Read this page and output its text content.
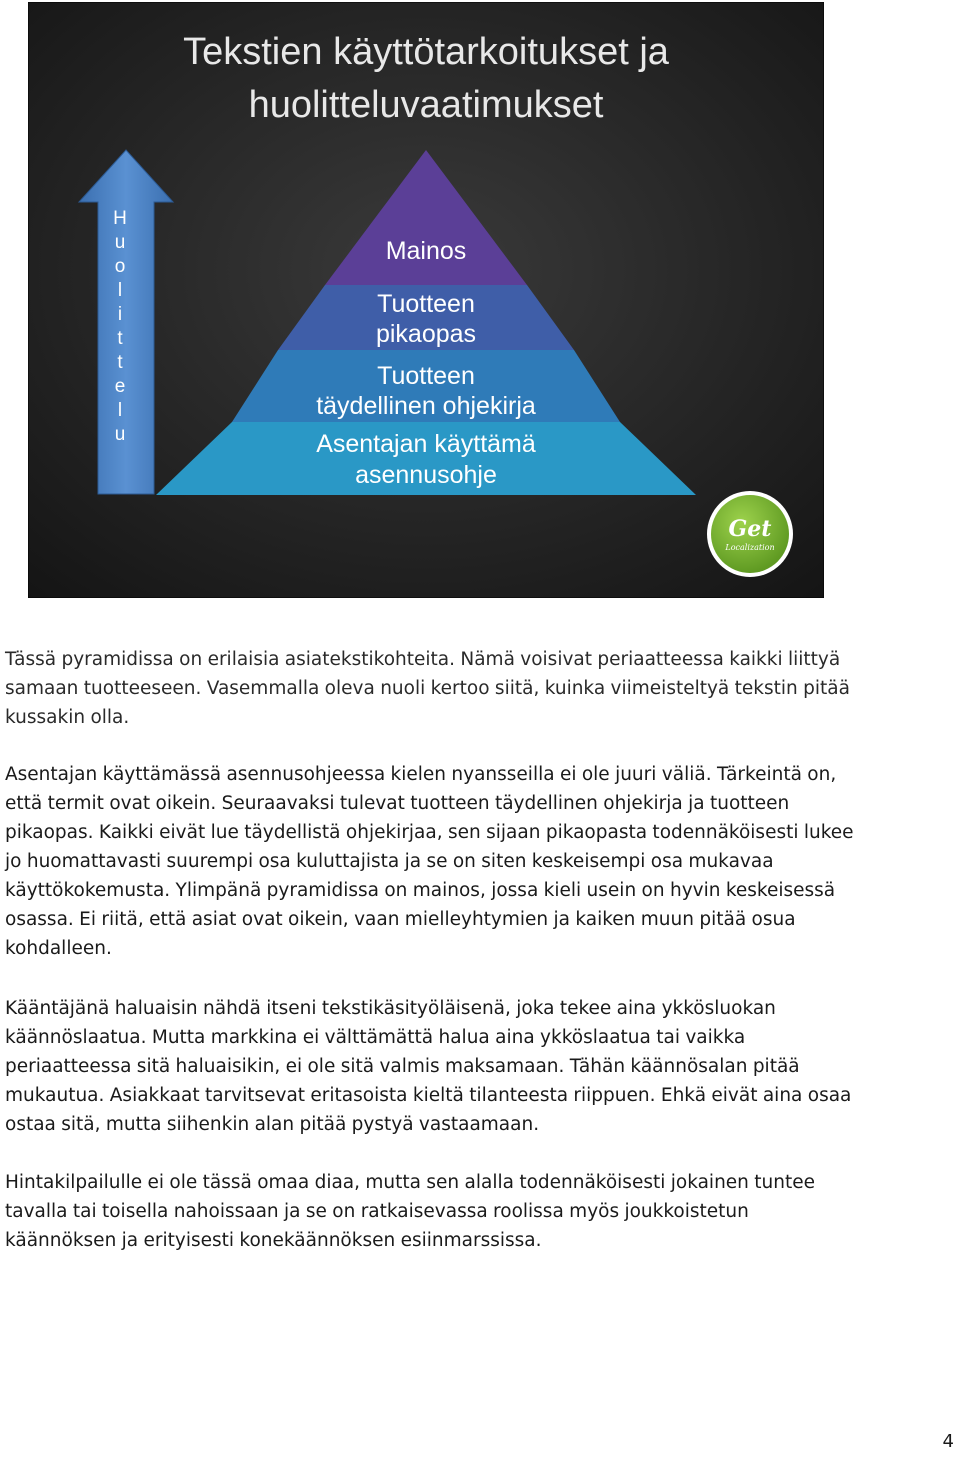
Tekstien käyttötarkoitukset ja
huolitteluvaatimukset
H
u
o
l
i
t
t
e
l
u
Mainos
Tuotteen
pikaopas
Tuotteen
täydellinen ohjekirja
Asentajan käyttämä
asennusohje
Get
Localization

Tässä pyramidissa on erilaisia asiatekstikohteita. Nämä voisivat periaatteessa kaikki liittyä samaan tuotteeseen. Vasemmalla oleva nuoli kertoo siitä, kuinka viimeisteltyä tekstin pitää kussakin olla.

Asentajan käyttämässä asennusohjeessa kielen nyansseilla ei ole juuri väliä. Tärkeintä on, että termit ovat oikein. Seuraavaksi tulevat tuotteen täydellinen ohjekirja ja tuotteen pikaopas. Kaikki eivät lue täydellistä ohjekirjaa, sen sijaan pikaopasta todennäköisesti lukee jo huomattavasti suurempi osa kuluttajista ja se on siten keskeisempi osa mukavaa käyttökokemusta. Ylimpänä pyramidissa on mainos, jossa kieli usein on hyvin keskeisessä osassa. Ei riitä, että asiat ovat oikein, vaan mielleyhtymien ja kaiken muun pitää osua kohdalleen.

Kääntäjänä haluaisin nähdä itseni tekstikäsityöläisenä, joka tekee aina ykkösluokan käännöslaatua. Mutta markkina ei välttämättä halua aina ykköslaatua tai vaikka periaatteessa sitä haluaisikin, ei ole sitä valmis maksamaan. Tähän käännösalan pitää mukautua. Asiakkaat tarvitsevat eritasoista kieltä tilanteesta riippuen. Ehkä eivät aina osaa ostaa sitä, mutta siihenkin alan pitää pystyä vastaamaan.

Hintakilpailulle ei ole tässä omaa diaa, mutta sen alalla todennäköisesti jokainen tuntee tavalla tai toisella nahoissaan ja se on ratkaisevassa roolissa myös joukkoistetun käännöksen ja erityisesti konekäännöksen esiinmarssissa.

4
